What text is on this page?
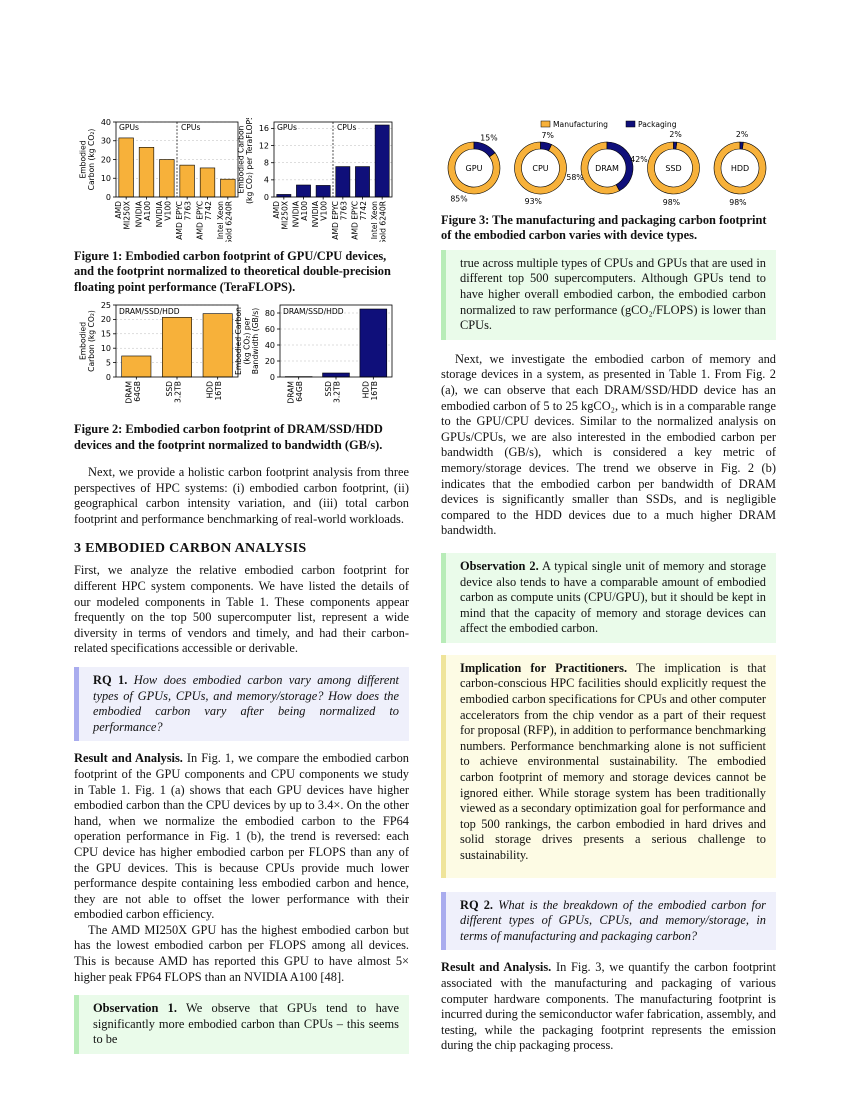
0
10
20
30
40
AMD MI250X NVIDIA A100 NVIDIA V100 AMD EPYC 7763 AMD EPYC 7742 Intel Xeon Gold 6240R
GPUs	CPUs
Embodied Carbon (kg CO₂)
0
4
8
12
16
AMD MI250X NVIDIA A100 NVIDIA V100 AMD EPYC 7763 AMD EPYC 7742 Intel Xeon Gold 6240R
GPUs	CPUs
Embodied Carbon (kg CO₂) per TeraFLOPS

Figure 1: Embodied carbon footprint of GPU/CPU devices, and the footprint normalized to theoretical double-precision floating point performance (TeraFLOPS).

0
5
10
15
20
25
DRAM 64GB	SSD 3.2TB	HDD 16TB
DRAM/SSD/HDD
Embodied Carbon (kg CO₂)
0
20
40
60
80
DRAM 64GB	SSD 3.2TB	HDD 16TB
DRAM/SSD/HDD
Embodied Carbon (kg CO₂) per Bandwidth (GB/s)

Figure 2: Embodied carbon footprint of DRAM/SSD/HDD devices and the footprint normalized to bandwidth (GB/s).

Next, we provide a holistic carbon footprint analysis from three perspectives of HPC systems: (i) embodied carbon footprint, (ii) geographical carbon intensity variation, and (iii) total carbon footprint and performance benchmarking of real-world workloads.

3 EMBODIED CARBON ANALYSIS

First, we analyze the relative embodied carbon footprint for different HPC system components. We have listed the details of our modeled components in Table 1. These components appear frequently on the top 500 supercomputer list, represent a wide diversity in terms of vendors and timely, and had their carbon-related specifications accessible or derivable.

RQ 1. How does embodied carbon vary among different types of GPUs, CPUs, and memory/storage? How does the embodied carbon vary after being normalized to performance?

Result and Analysis. In Fig. 1, we compare the embodied carbon footprint of the GPU components and CPU components we study in Table 1. Fig. 1 (a) shows that each GPU devices have higher embodied carbon than the CPU devices by up to 3.4×. On the other hand, when we normalize the embodied carbon to the FP64 operation performance in Fig. 1 (b), the trend is reversed: each CPU device has higher embodied carbon per FLOPS than any of the GPU devices. This is because CPUs provide much lower performance despite containing less embodied carbon and hence, they are not able to offset the lower performance with their embodied carbon efficiency.

The AMD MI250X GPU has the highest embodied carbon but has the lowest embodied carbon per FLOPS among all devices. This is because AMD has reported this GPU to have almost 5× higher peak FP64 FLOPS than an NVIDIA A100 [48].

Observation 1. We observe that GPUs tend to have significantly more embodied carbon than CPUs – this seems to be

Manufacturing	Packaging
GPU
15%
85%
CPU
7%
93%
DRAM
42%
58%
SSD
2%
98%
HDD
2%
98%

Figure 3: The manufacturing and packaging carbon footprint of the embodied carbon varies with device types.

true across multiple types of CPUs and GPUs that are used in different top 500 supercomputers. Although GPUs tend to have higher overall embodied carbon, the embodied carbon normalized to raw performance (gCO₂/FLOPS) is lower than CPUs.

Next, we investigate the embodied carbon of memory and storage devices in a system, as presented in Table 1. From Fig. 2 (a), we can observe that each DRAM/SSD/HDD device has an embodied carbon of 5 to 25 kgCO₂, which is in a comparable range to the GPU/CPU devices. Similar to the normalized analysis on GPUs/CPUs, we are also interested in the embodied carbon per bandwidth (GB/s), which is considered a key metric of memory/storage devices. The trend we observe in Fig. 2 (b) indicates that the embodied carbon per bandwidth of DRAM devices is significantly smaller than SSDs, and is negligible compared to the HDD devices due to a much higher DRAM bandwidth.

Observation 2. A typical single unit of memory and storage device also tends to have a comparable amount of embodied carbon as compute units (CPU/GPU), but it should be kept in mind that the capacity of memory and storage devices can affect the embodied carbon.

Implication for Practitioners. The implication is that carbon-conscious HPC facilities should explicitly request the embodied carbon specifications for CPUs and other computer accelerators from the chip vendor as a part of their request for proposal (RFP), in addition to performance benchmarking numbers. Performance benchmarking alone is not sufficient to achieve environmental sustainability. The embodied carbon footprint of memory and storage devices cannot be ignored either. While storage system has been traditionally viewed as a secondary optimization goal for performance and top 500 rankings, the carbon embodied in hard drives and solid storage drives presents a serious challenge to sustainability.

RQ 2. What is the breakdown of the embodied carbon for different types of GPUs, CPUs, and memory/storage, in terms of manufacturing and packaging carbon?

Result and Analysis. In Fig. 3, we quantify the carbon footprint associated with the manufacturing and packaging of various computer hardware components. The manufacturing footprint is incurred during the semiconductor wafer fabrication, assembly, and testing, while the packaging footprint represents the emission during the chip packaging process.
